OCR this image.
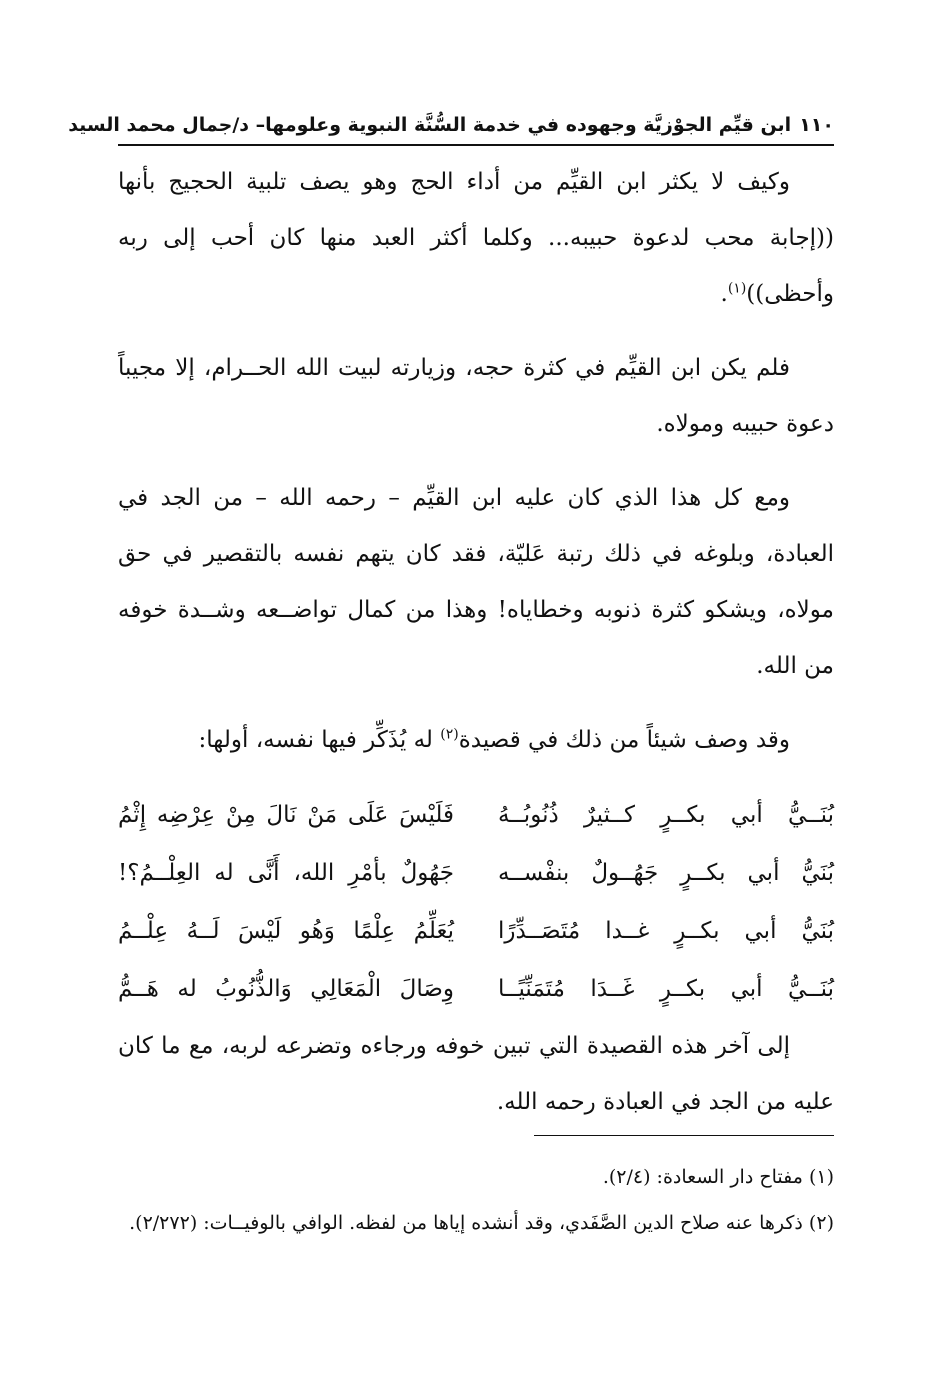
١١٠
ابن قيِّم الجوْزيَّة وجهوده في خدمة السُّنَّة النبوية وعلومها– د/جمال محمد السيد

وكيف لا يكثر ابن القيِّم من أداء الحج وهو يصف تلبية الحجيج بأنها ((إجابة محب لدعوة حبيبه... وكلما أكثر العبد منها كان أحب إلى ربه وأحظى))$^{(١)}$.

فلم يكن ابن القيِّم في كثرة حجه، وزيارته لبيت الله الحــرام، إلا مجيباً دعوة حبيبه ومولاه.

ومع كل هذا الذي كان عليه ابن القيِّم – رحمه الله – من الجد في العبادة، وبلوغه في ذلك رتبة عَليّة، فقد كان يتهم نفسه بالتقصير في حق مولاه، ويشكو كثرة ذنوبه وخطاياه! وهذا من كمال تواضــعه وشــدة خوفه من الله.

وقد وصف شيئاً من ذلك في قصيدة$^{(٢)}$ له يُذَكِّر فيها نفسه، أولها:

بُنَــيُّ أبي بكــرٍ كــثيرٌ ذُنُوبُــهُ
فَلَيْسَ عَلَى مَنْ نَالَ مِنْ عِرْضِه إِثْمُ
بُنَيُّ أبي بكــرٍ جَهُــولٌ بنفْســه
جَهُولٌ بأمْرِ الله، أَنَّى له العِلْــمُ؟!
بُنَيُّ أبي بكــرٍ غــدا مُتَصَــدِّرًا
يُعَلِّمُ عِلْمًا وَهُو لَيْسَ لَــهُ عِلْــمُ
بُنَــيُّ أبي بكــرٍ غَــدَا مُتَمَنِّيًــا
وِصَالَ الْمَعَالِي وَالذُّنُوبُ له هَــمُّ

إلى آخر هذه القصيدة التي تبين خوفه ورجاءه وتضرعه لربه، مع ما كان عليه من الجد في العبادة رحمه الله.

(١) مفتاح دار السعادة: (٢/٤).
(٢) ذكرها عنه صلاح الدين الصَّفَدي، وقد أنشده إياها من لفظه. الوافي بالوفيــات: (٢/٢٧٢).
